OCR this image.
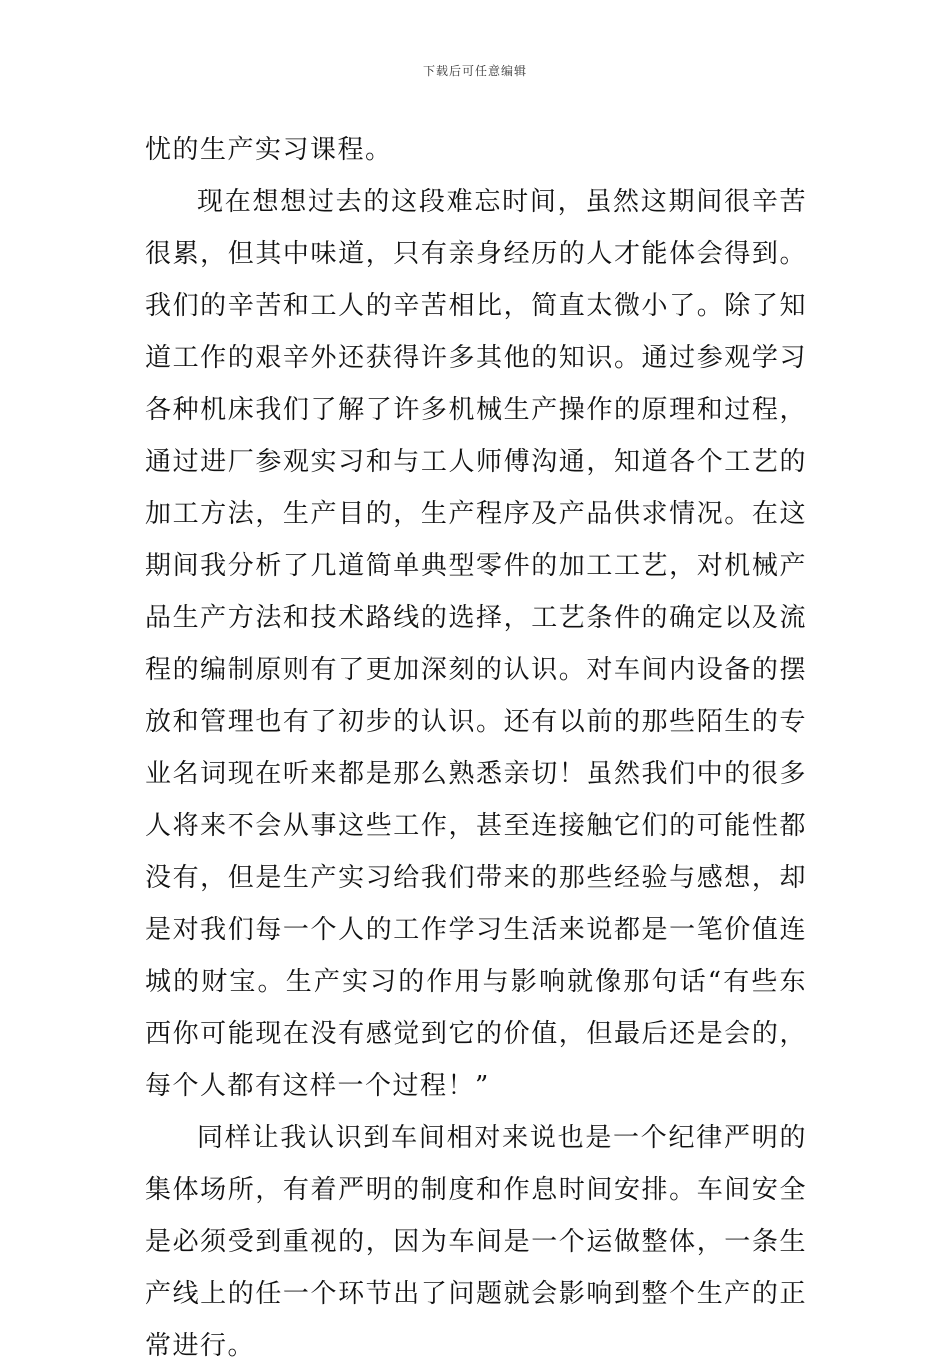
下载后可任意编辑

忧的生产实习课程。

现在想想过去的这段难忘时间，虽然这期间很辛苦很累，但其中味道，只有亲身经历的人才能体会得到。我们的辛苦和工人的辛苦相比，简直太微小了。除了知道工作的艰辛外还获得许多其他的知识。通过参观学习各种机床我们了解了许多机械生产操作的原理和过程，通过进厂参观实习和与工人师傅沟通，知道各个工艺的加工方法，生产目的，生产程序及产品供求情况。在这期间我分析了几道简单典型零件的加工工艺，对机械产品生产方法和技术路线的选择，工艺条件的确定以及流程的编制原则有了更加深刻的认识。对车间内设备的摆放和管理也有了初步的认识。还有以前的那些陌生的专业名词现在听来都是那么熟悉亲切！虽然我们中的很多人将来不会从事这些工作，甚至连接触它们的可能性都没有，但是生产实习给我们带来的那些经验与感想，却是对我们每一个人的工作学习生活来说都是一笔价值连城的财宝。生产实习的作用与影响就像那句话“有些东西你可能现在没有感觉到它的价值，但最后还是会的，每个人都有这样一个过程！”

同样让我认识到车间相对来说也是一个纪律严明的集体场所，有着严明的制度和作息时间安排。车间安全是必须受到重视的，因为车间是一个运做整体，一条生产线上的任一个环节出了问题就会影响到整个生产的正常进行。
